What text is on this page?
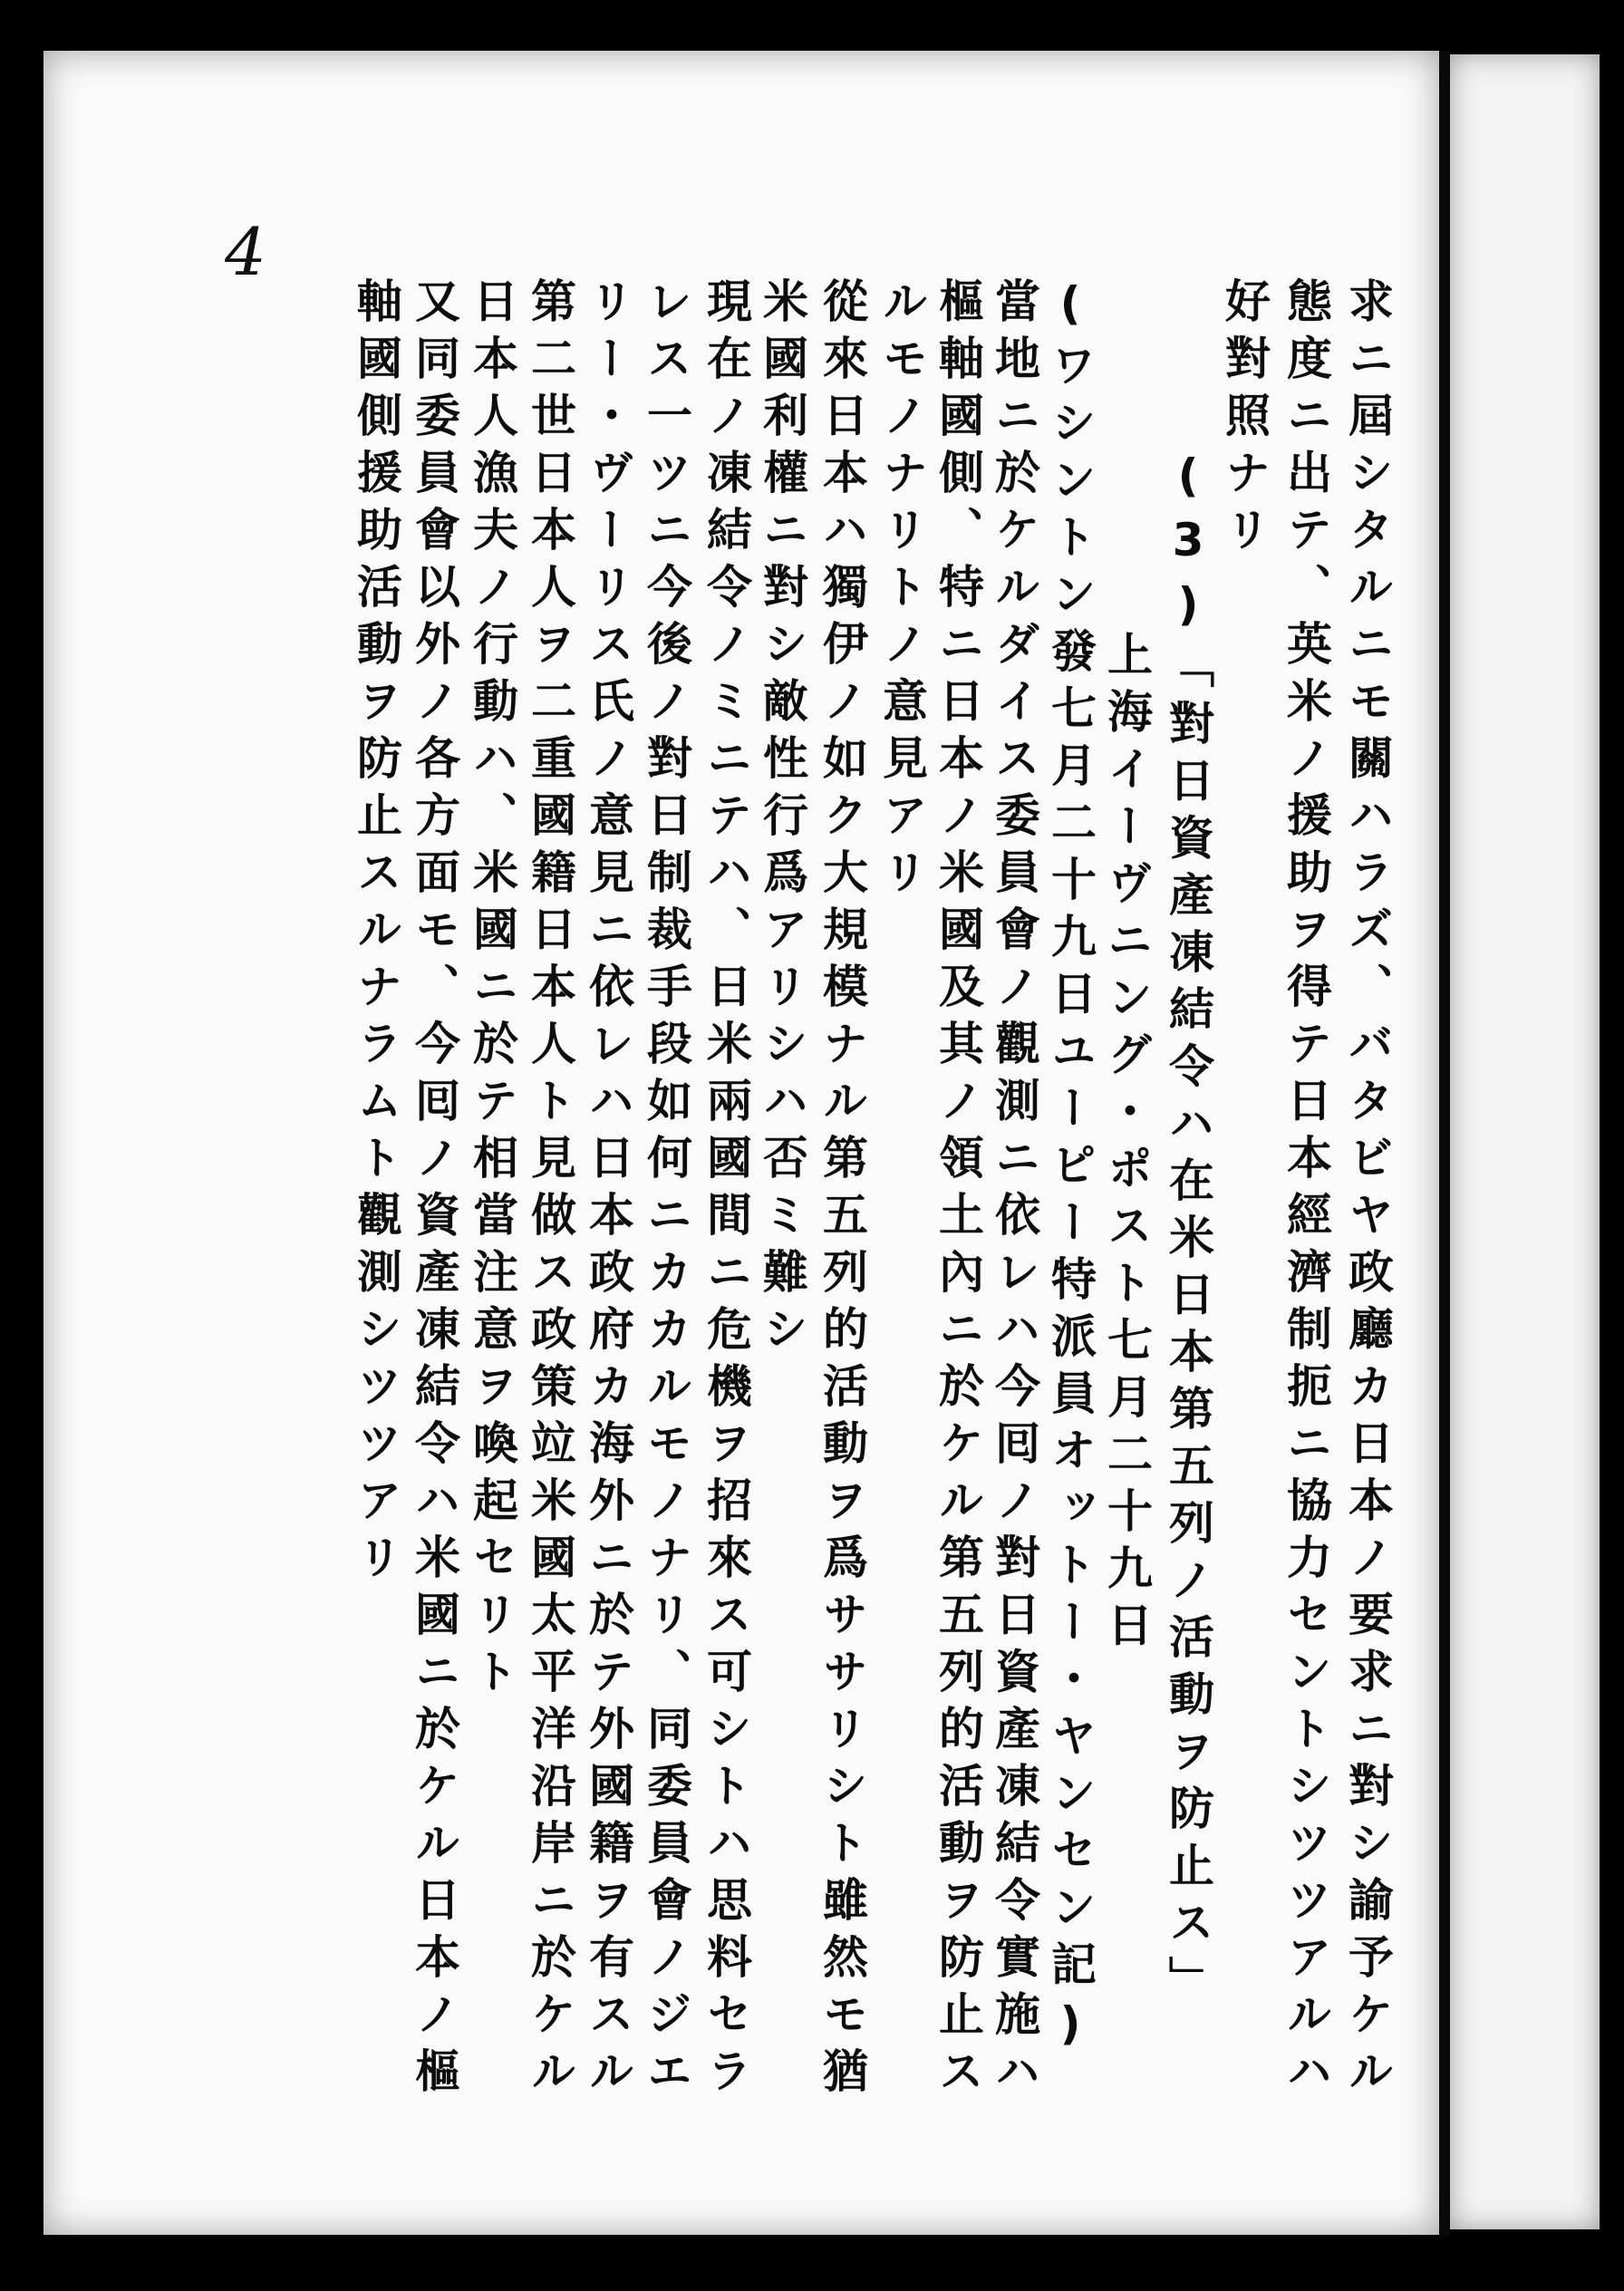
4
求ニ屆シタルニモ關ハラズ、バタビヤ政廳カ日本ノ要求ニ對シ諭予ケル
態度ニ出テ、英米ノ援助ヲ得テ日本經濟制扼ニ協力セントシツツアルハ
好對照ナリ
(3)「對日資產凍結令ハ在米日本第五列ノ活動ヲ防止ス」
上海イーヴニング・ポスト七月二十九日
(ワシントン發七月二十九日ユーピー特派員オットー・ヤンセン記)
當地ニ於ケルダイス委員會ノ觀測ニ依レハ今囘ノ對日資產凍結令實施ハ
樞軸國側、特ニ日本ノ米國及其ノ領土內ニ於ケル第五列的活動ヲ防止ス
ルモノナリトノ意見アリ
從來日本ハ獨伊ノ如ク大規模ナル第五列的活動ヲ爲ササリシト雖然モ猶
米國利權ニ對シ敵性行爲アリシハ否ミ難シ
現在ノ凍結令ノミニテハ、日米兩國間ニ危機ヲ招來ス可シトハ思料セラ
レス一ツニ今後ノ對日制裁手段如何ニカカルモノナリ、同委員會ノジエ
リー・ヴーリス氏ノ意見ニ依レハ日本政府カ海外ニ於テ外國籍ヲ有スル
第二世日本人ヲ二重國籍日本人ト見做ス政策竝米國太平洋沿岸ニ於ケル
日本人漁夫ノ行動ハ、米國ニ於テ相當注意ヲ喚起セリト
又同委員會以外ノ各方面モ、今囘ノ資產凍結令ハ米國ニ於ケル日本ノ樞
軸國側援助活動ヲ防止スルナラムト觀測シツツアリ
